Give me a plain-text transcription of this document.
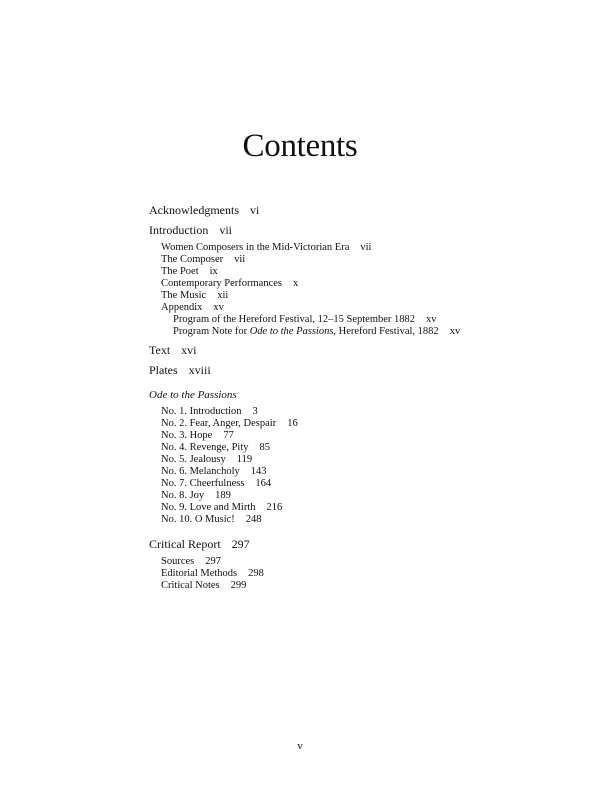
Contents
Acknowledgments vi
Introduction vii
Women Composers in the Mid-Victorian Era vii
The Composer vii
The Poet ix
Contemporary Performances x
The Music xii
Appendix xv
Program of the Hereford Festival, 12–15 September 1882 xv
Program Note for Ode to the Passions, Hereford Festival, 1882 xv
Text xvi
Plates xviii
Ode to the Passions
No. 1. Introduction 3
No. 2. Fear, Anger, Despair 16
No. 3. Hope 77
No. 4. Revenge, Pity 85
No. 5. Jealousy 119
No. 6. Melancholy 143
No. 7. Cheerfulness 164
No. 8. Joy 189
No. 9. Love and Mirth 216
No. 10. O Music! 248
Critical Report 297
Sources 297
Editorial Methods 298
Critical Notes 299
v
